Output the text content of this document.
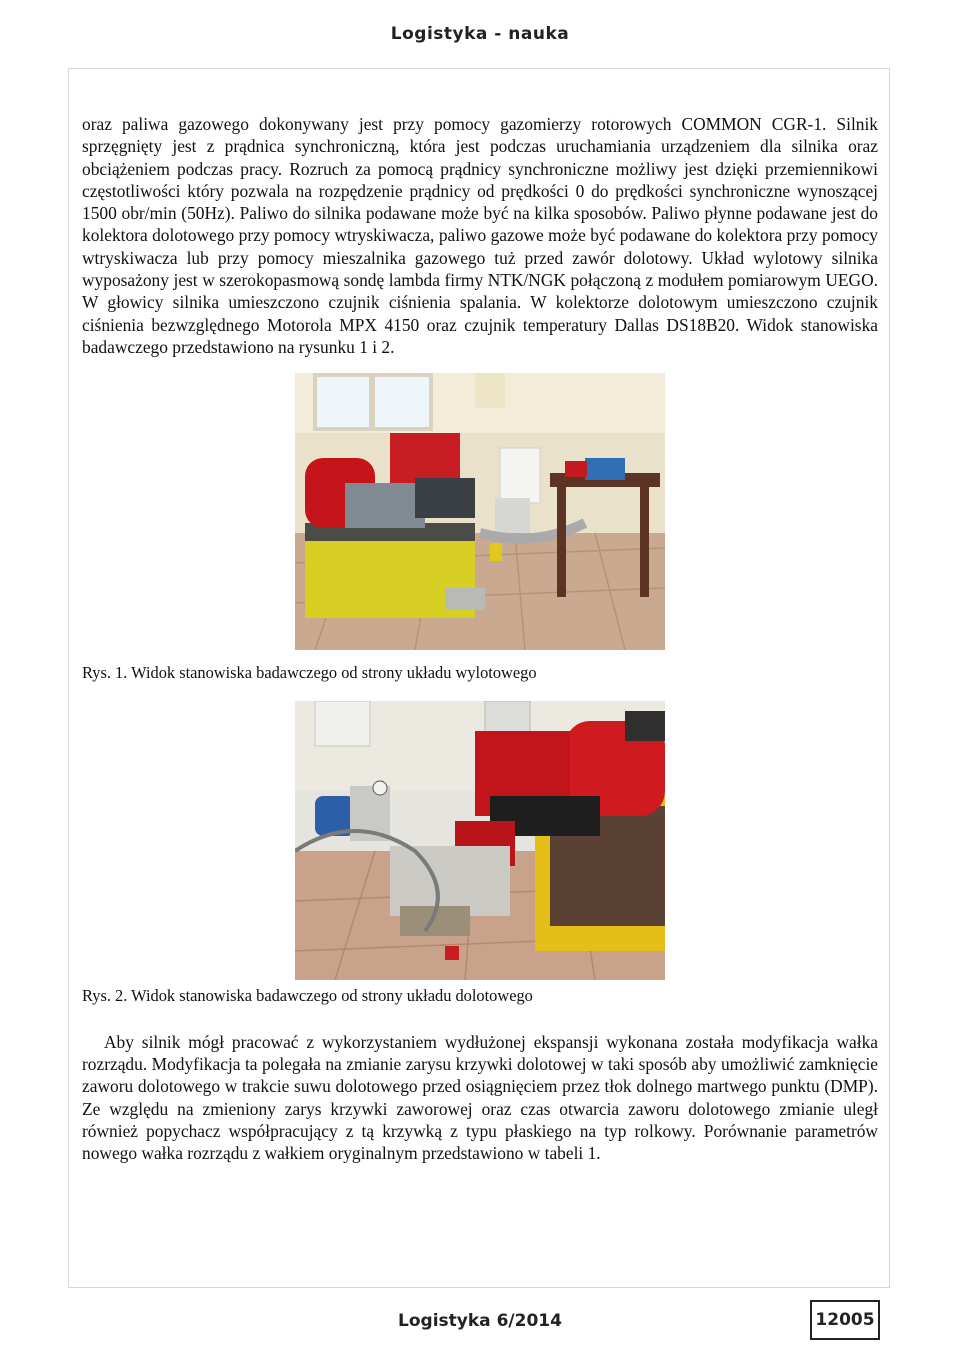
Logistyka - nauka

oraz paliwa gazowego dokonywany jest przy pomocy gazomierzy rotorowych COMMON CGR-1. Silnik sprzęgnięty jest z prądnica synchroniczną, która jest podczas uruchamiania urządzeniem dla silnika oraz obciążeniem podczas pracy. Rozruch za pomocą prądnicy synchroniczne możliwy jest dzięki przemiennikowi częstotliwości który pozwala na rozpędzenie prądnicy od prędkości 0 do prędkości synchroniczne wynoszącej 1500 obr/min (50Hz). Paliwo do silnika podawane może być na kilka sposobów. Paliwo płynne podawane jest do kolektora dolotowego przy pomocy wtryskiwacza, paliwo gazowe może być podawane do kolektora przy pomocy wtryskiwacza lub przy pomocy mieszalnika gazowego tuż przed zawór dolotowy. Układ wylotowy silnika wyposażony jest w szerokopasmową sondę lambda firmy NTK/NGK połączoną z modułem pomiarowym UEGO. W głowicy silnika umieszczono czujnik ciśnienia spalania. W kolektorze dolotowym umieszczono czujnik ciśnienia bezwzględnego Motorola MPX 4150 oraz czujnik temperatury Dallas DS18B20. Widok stanowiska badawczego przedstawiono na rysunku 1 i 2.

Rys. 1. Widok stanowiska badawczego od strony układu wylotowego

Rys. 2. Widok stanowiska badawczego od strony układu dolotowego

Aby silnik mógł pracować z wykorzystaniem wydłużonej ekspansji wykonana została modyfikacja wałka rozrządu. Modyfikacja ta polegała na zmianie zarysu krzywki dolotowej w taki sposób aby umożliwić zamknięcie zaworu dolotowego w trakcie suwu dolotowego przed osiągnięciem przez tłok dolnego martwego punktu (DMP). Ze względu na zmieniony zarys krzywki zaworowej oraz czas otwarcia zaworu dolotowego zmianie uległ również popychacz współpracujący z tą krzywką z typu płaskiego na typ rolkowy. Porównanie parametrów nowego wałka rozrządu z wałkiem oryginalnym przedstawiono w tabeli 1.

Logistyka 6/2014	12005
